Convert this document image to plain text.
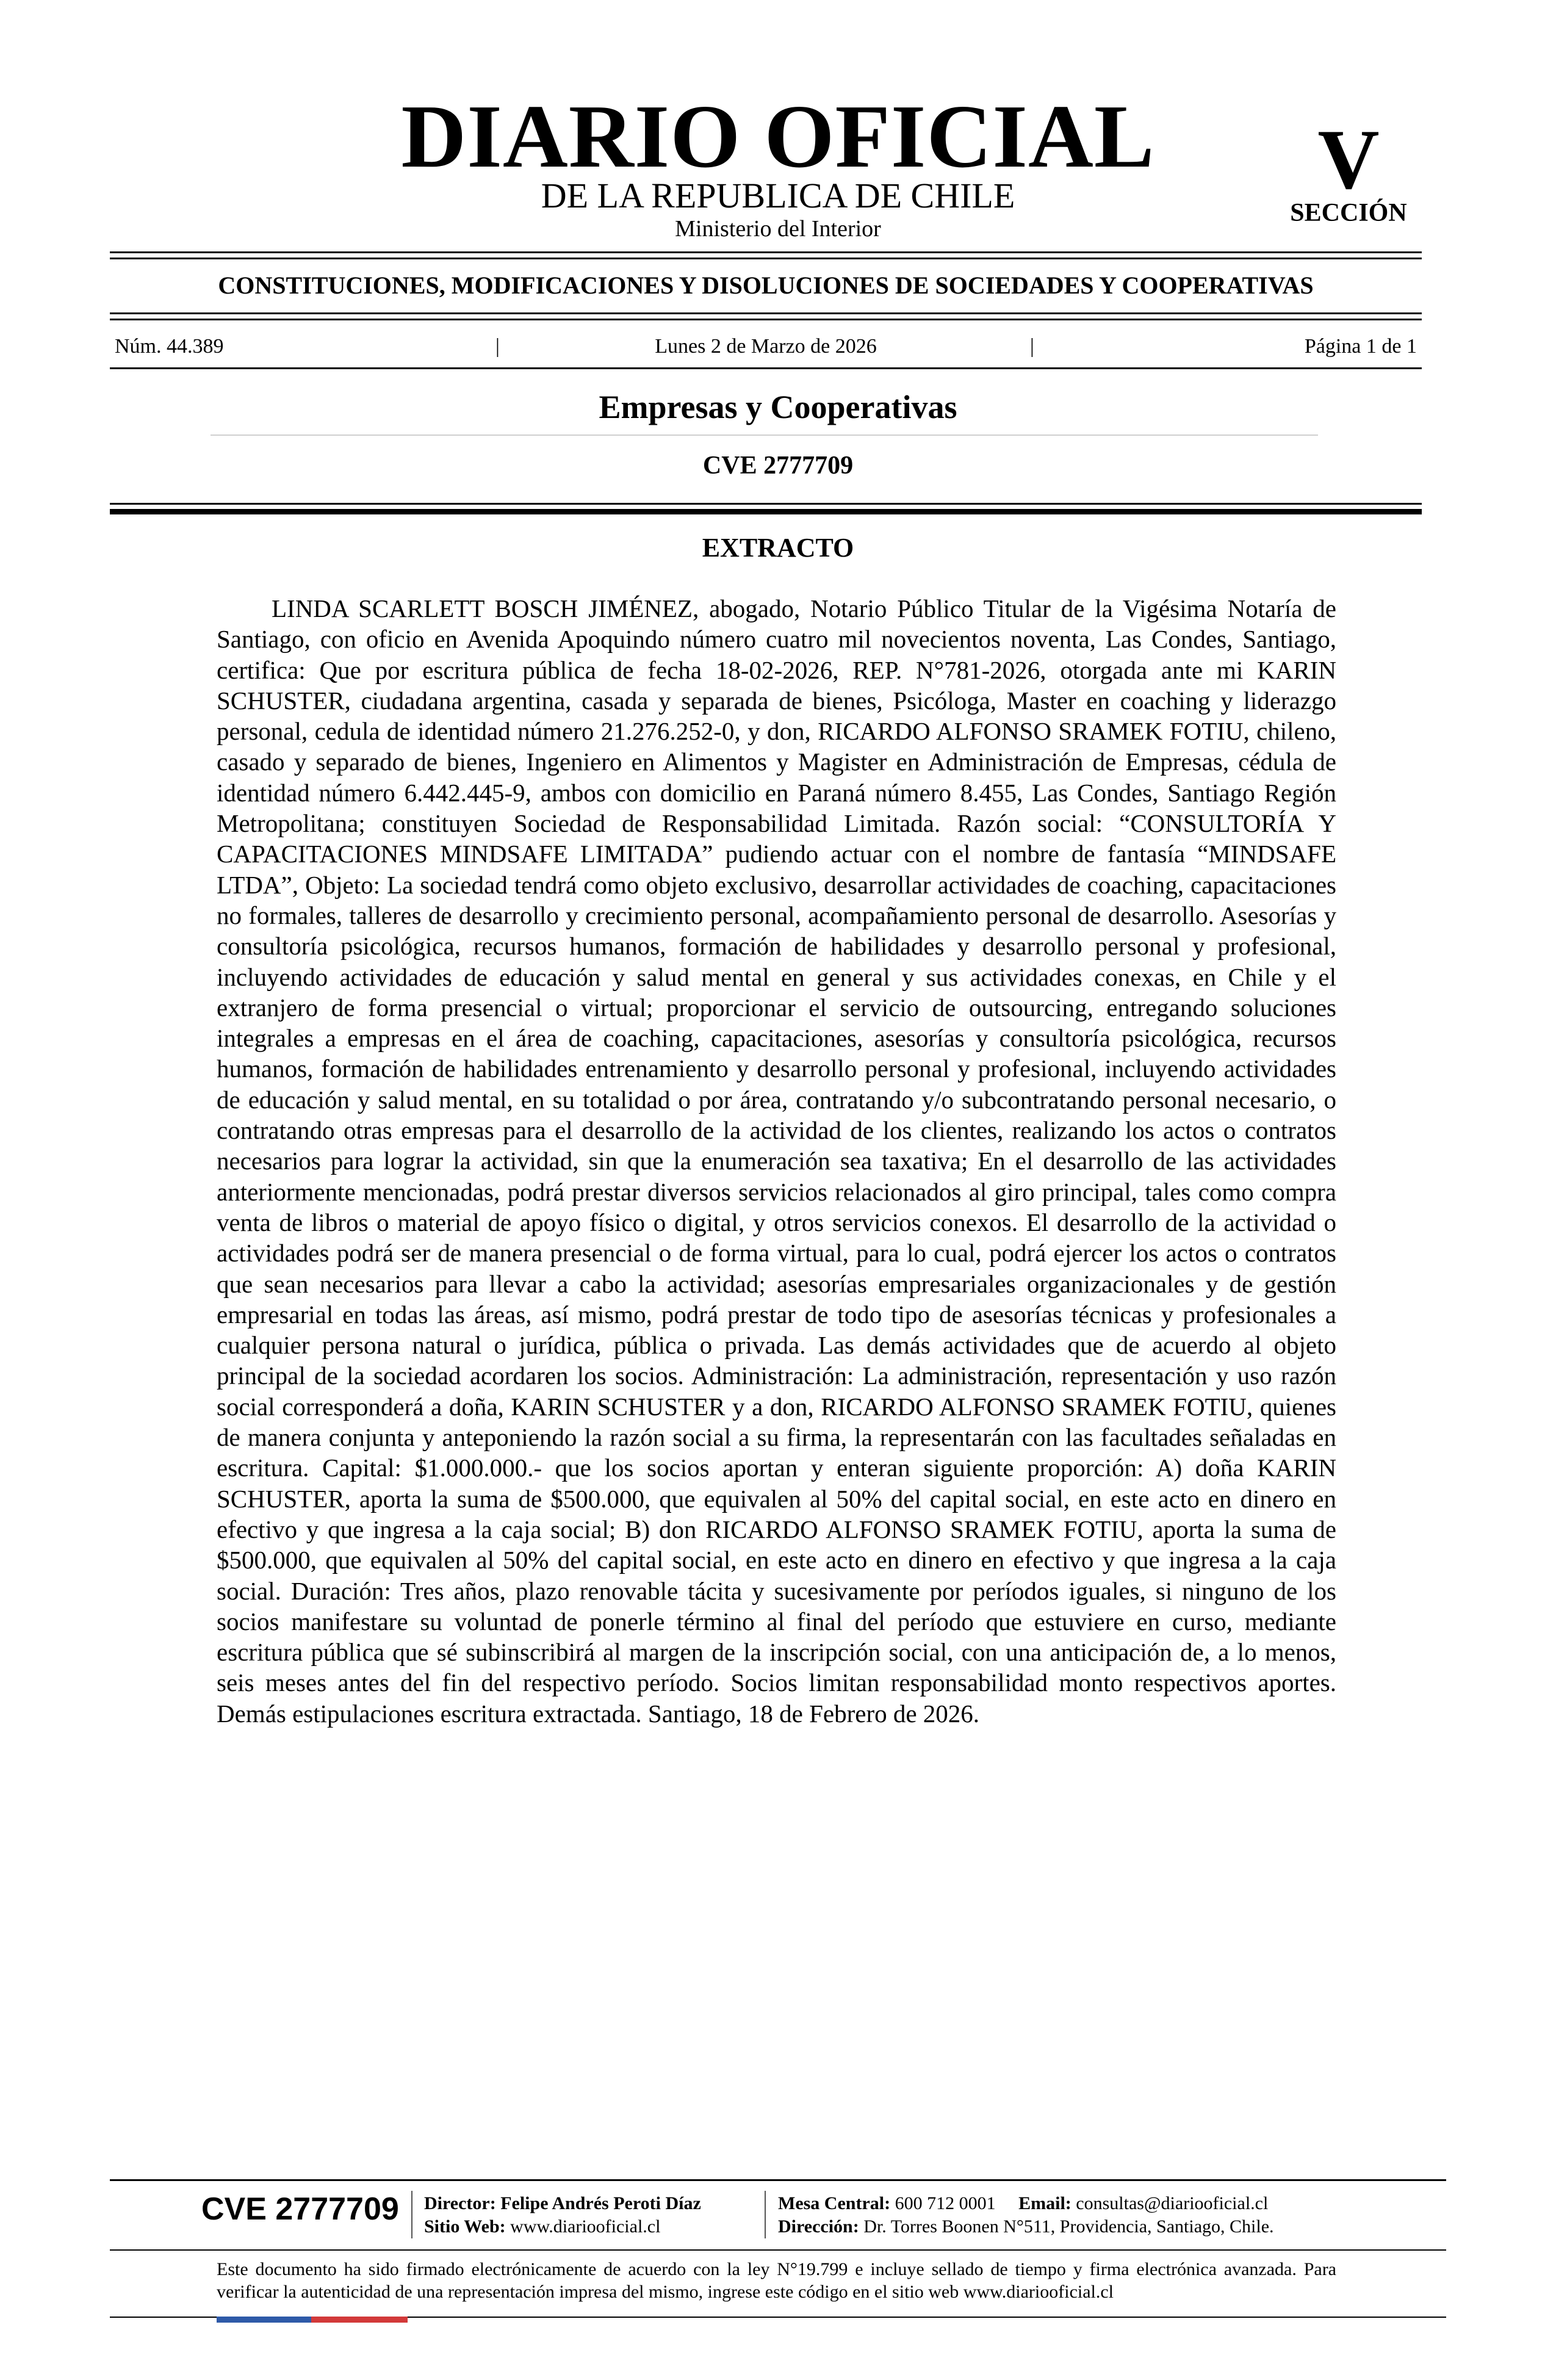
DIARIO OFICIAL
DE LA REPUBLICA DE CHILE
Ministerio del Interior
V
SECCIÓN
CONSTITUCIONES, MODIFICACIONES Y DISOLUCIONES DE SOCIEDADES Y COOPERATIVAS
Núm. 44.389	Lunes 2 de Marzo de 2026
|	|	Página 1 de 1
Empresas y Cooperativas
CVE 2777709
EXTRACTO

LINDA SCARLETT BOSCH JIMÉNEZ, abogado, Notario Público Titular de la Vigésima Notaría de Santiago, con oficio en Avenida Apoquindo número cuatro mil novecientos noventa, Las Condes, Santiago, certifica: Que por escritura pública de fecha 18-02-2026, REP. N°781-2026, otorgada ante mi KARIN SCHUSTER, ciudadana argentina, casada y separada de bienes, Psicóloga, Master en coaching y liderazgo personal, cedula de identidad número 21.276.252-0, y don, RICARDO ALFONSO SRAMEK FOTIU, chileno, casado y separado de bienes, Ingeniero en Alimentos y Magister en Administración de Empresas, cédula de identidad número 6.442.445-9, ambos con domicilio en Paraná número 8.455, Las Condes, Santiago Región Metropolitana; constituyen Sociedad de Responsabilidad Limitada. Razón social: “CONSULTORÍA Y CAPACITACIONES MINDSAFE LIMITADA” pudiendo actuar con el nombre de fantasía “MINDSAFE LTDA”, Objeto: La sociedad tendrá como objeto exclusivo, desarrollar actividades de coaching, capacitaciones no formales, talleres de desarrollo y crecimiento personal, acompañamiento personal de desarrollo. Asesorías y consultoría psicológica, recursos humanos, formación de habilidades y desarrollo personal y profesional, incluyendo actividades de educación y salud mental en general y sus actividades conexas, en Chile y el extranjero de forma presencial o virtual; proporcionar el servicio de outsourcing, entregando soluciones integrales a empresas en el área de coaching, capacitaciones, asesorías y consultoría psicológica, recursos humanos, formación de habilidades entrenamiento y desarrollo personal y profesional, incluyendo actividades de educación y salud mental, en su totalidad o por área, contratando y/o subcontratando personal necesario, o contratando otras empresas para el desarrollo de la actividad de los clientes, realizando los actos o contratos necesarios para lograr la actividad, sin que la enumeración sea taxativa; En el desarrollo de las actividades anteriormente mencionadas, podrá prestar diversos servicios relacionados al giro principal, tales como compra venta de libros o material de apoyo físico o digital, y otros servicios conexos. El desarrollo de la actividad o actividades podrá ser de manera presencial o de forma virtual, para lo cual, podrá ejercer los actos o contratos que sean necesarios para llevar a cabo la actividad; asesorías empresariales organizacionales y de gestión empresarial en todas las áreas, así mismo, podrá prestar de todo tipo de asesorías técnicas y profesionales a cualquier persona natural o jurídica, pública o privada. Las demás actividades que de acuerdo al objeto principal de la sociedad acordaren los socios. Administración: La administración, representación y uso razón social corresponderá a doña, KARIN SCHUSTER y a don, RICARDO ALFONSO SRAMEK FOTIU, quienes de manera conjunta y anteponiendo la razón social a su firma, la representarán con las facultades señaladas en escritura. Capital: $1.000.000.- que los socios aportan y enteran siguiente proporción: A) doña KARIN SCHUSTER, aporta la suma de $500.000, que equivalen al 50% del capital social, en este acto en dinero en efectivo y que ingresa a la caja social; B) don RICARDO ALFONSO SRAMEK FOTIU, aporta la suma de $500.000, que equivalen al 50% del capital social, en este acto en dinero en efectivo y que ingresa a la caja social. Duración: Tres años, plazo renovable tácita y sucesivamente por períodos iguales, si ninguno de los socios manifestare su voluntad de ponerle término al final del período que estuviere en curso, mediante escritura pública que sé subinscribirá al margen de la inscripción social, con una anticipación de, a lo menos, seis meses antes del fin del respectivo período. Socios limitan responsabilidad monto respectivos aportes. Demás estipulaciones escritura extractada. Santiago, 18 de Febrero de 2026.

CVE 2777709 Director: Felipe Andrés Peroti Díaz
Sitio Web: www.diariooficial.cl
Mesa Central: 600 712 0001 Email: consultas@diariooficial.cl
Dirección: Dr. Torres Boonen N°511, Providencia, Santiago, Chile.
Este documento ha sido firmado electrónicamente de acuerdo con la ley N°19.799 e incluye sellado de tiempo y firma electrónica avanzada. Para verificar la autenticidad de una representación impresa del mismo, ingrese este código en el sitio web www.diariooficial.cl
